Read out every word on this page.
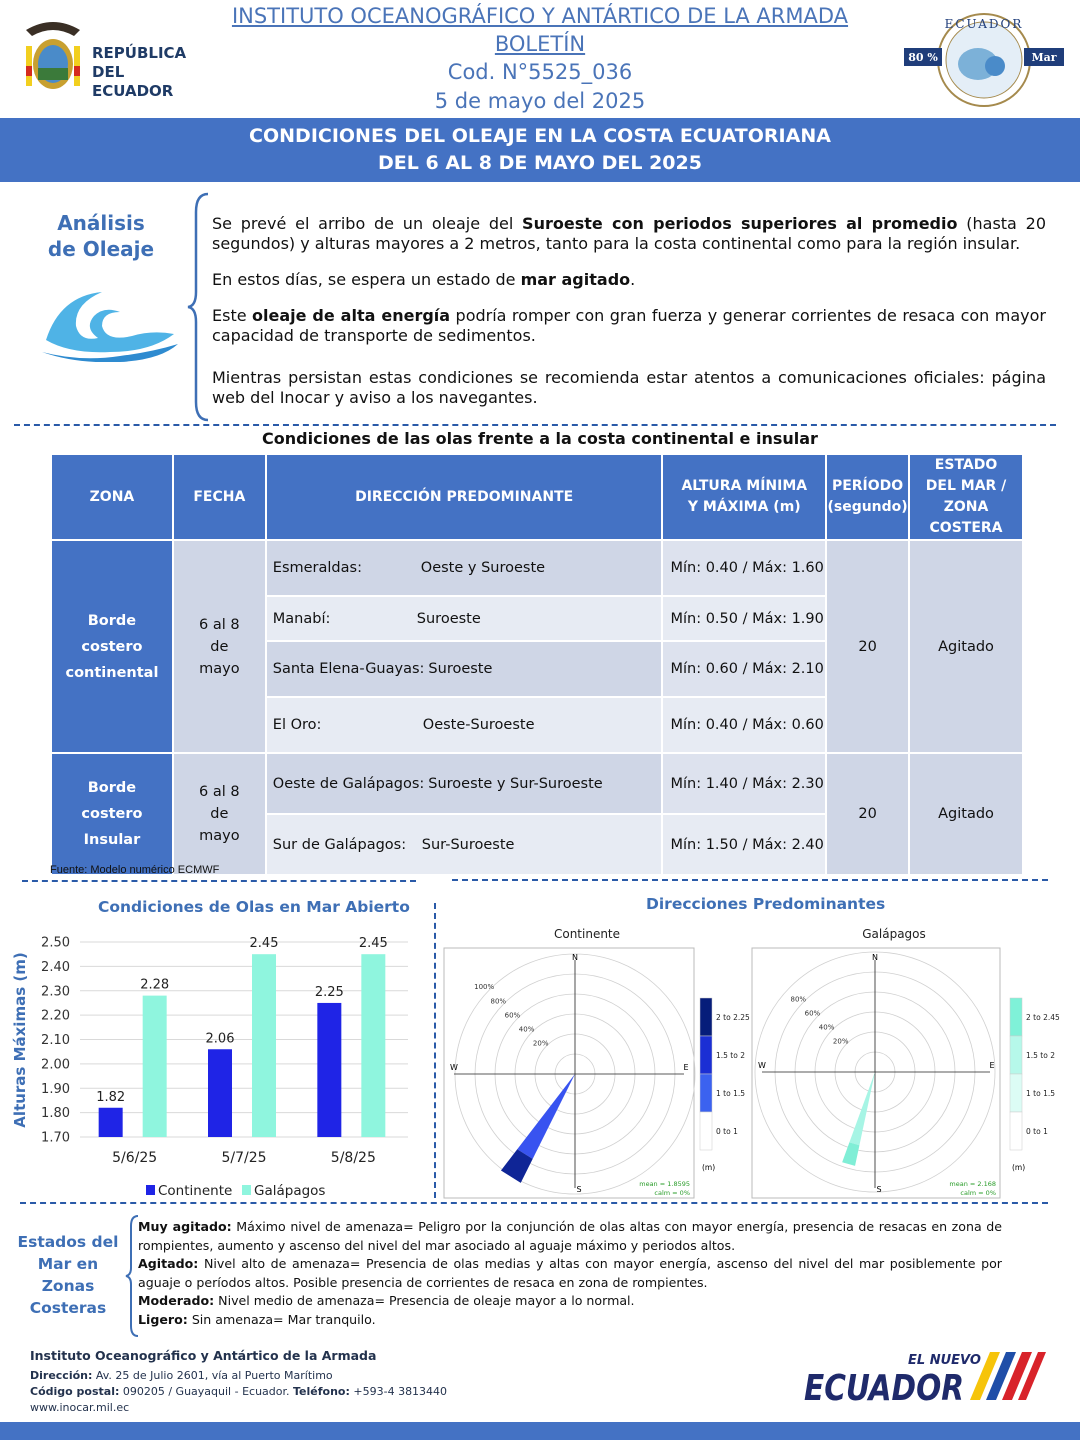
REPÚBLICA
DEL ECUADOR
INSTITUTO OCEANOGRÁFICO Y ANTÁRTICO DE LA ARMADA
BOLETÍN
Cod. N°5525_036
5 de mayo del 2025
80 %	Mar
ECUADOR
CONDICIONES DEL OLEAJE EN LA COSTA ECUATORIANA
DEL 6 AL 8 DE MAYO DEL 2025
Análisis
de Oleaje

Se prevé el arribo de un oleaje del Suroeste con periodos superiores al promedio (hasta 20 segundos) y alturas mayores a 2 metros, tanto para la costa continental como para la región insular.

En estos días, se espera un estado de mar agitado.

Este oleaje de alta energía podría romper con gran fuerza y generar corrientes de resaca con mayor capacidad de transporte de sedimentos.

Mientras persistan estas condiciones se recomienda estar atentos a comunicaciones oficiales: página web del Inocar y aviso a los navegantes.

Condiciones de las olas frente a la costa continental e insular
ZONA	FECHA	DIRECCIÓN PREDOMINANTE	ALTURA MÍNIMA Y MÁXIMA (m)	PERÍODO (segundo)	ESTADO DEL MAR / ZONA COSTERA
Borde costero continental	6 al 8 de mayo	Esmeraldas: Oeste y Suroeste	Mín: 0.40 / Máx: 1.60	20	Agitado
		Manabí: Suroeste	Mín: 0.50 / Máx: 1.90		
		Santa Elena-Guayas: Suroeste	Mín: 0.60 / Máx: 2.10		
		El Oro: Oeste-Suroeste	Mín: 0.40 / Máx: 0.60		
Borde costero Insular	6 al 8 de mayo	Oeste de Galápagos: Suroeste y Sur-Suroeste	Mín: 1.40 / Máx: 2.30	20	Agitado
		Sur de Galápagos: Sur-Suroeste	Mín: 1.50 / Máx: 2.40		
Fuente: Modelo numérico ECMWF
Condiciones de Olas en Mar Abierto	Direcciones Predominantes
2.50
2.40
2.30
2.20
2.10
2.00
1.90
1.80
1.70
Alturas Máximas (m)	1.82
2.28
5/6/25
2.06
2.45
5/7/25
2.25
2.45
5/8/25
Continente Galápagos
Continente
N
E
S
W
100%
80%
60%
40%
20%
2 to 2.25
1.5 to 2
1 to 1.5
0 to 1
(m)
mean = 1.8595
calm = 0%
Galápagos
N
E
S
W
80%
60%
40%
20%
2 to 2.45
1.5 to 2
1 to 1.5
0 to 1
(m)
mean = 2.168
calm = 0%
Estados del
Mar en Zonas
Costeras
Muy agitado: Máximo nivel de amenaza= Peligro por la conjunción de olas altas con mayor energía, presencia de resacas en zona de rompientes, aumento y ascenso del nivel del mar asociado al aguaje máximo y periodos altos.
Agitado: Nivel alto de amenaza= Presencia de olas medias y altas con mayor energía, ascenso del nivel del mar posiblemente por aguaje o períodos altos. Posible presencia de corrientes de resaca en zona de rompientes.
Moderado: Nivel medio de amenaza= Presencia de oleaje mayor a lo normal.
Ligero: Sin amenaza= Mar tranquilo.
Instituto Oceanográfico y Antártico de la Armada
Dirección: Av. 25 de Julio 2601, vía al Puerto Marítimo
Código postal: 090205 / Guayaquil - Ecuador. Teléfono: +593-4 3813440
www.inocar.mil.ec
EL NUEVO
ECUADOR
